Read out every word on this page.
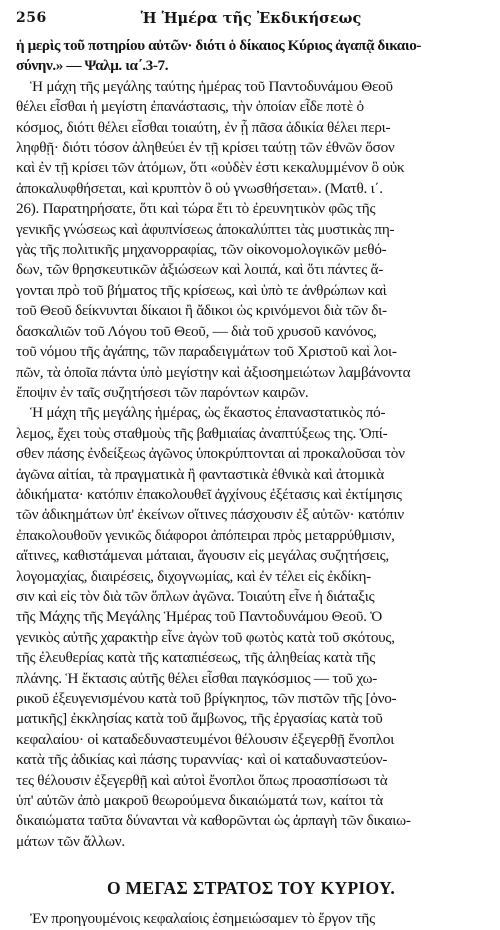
256	Ἡ Ἡμέρα τῆς Ἐκδικήσεως
ἡ μερὶς τοῦ ποτηρίου αὐτῶν· διότι ὁ δίκαιος Κύριος ἀγαπᾷ δικαιο-
σύνην.» — Ψαλμ. ια΄.3-7.
Ἡ μάχη τῆς μεγάλης ταύτης ἡμέρας τοῦ Παντοδυνάμου Θεοῦ
θέλει εἶσθαι ἡ μεγίστη ἐπανάστασις, τὴν ὁποίαν εἶδε ποτὲ ὁ
κόσμος, διότι θέλει εἶσθαι τοιαύτη, ἐν ᾗ πᾶσα ἀδικία θέλει περι-
ληφθῇ· διότι τόσον ἀληθεύει ἐν τῇ κρίσει ταύτῃ τῶν ἐθνῶν ὅσον
καὶ ἐν τῇ κρίσει τῶν ἀτόμων, ὅτι «οὐδὲν ἐστι κεκαλυμμένον ὃ οὐκ
ἀποκαλυφθήσεται, καὶ κρυπτὸν ὃ οὐ γνωσθήσεται». (Ματθ. ι΄.
26). Παρατηρήσατε, ὅτι καὶ τώρα ἔτι τὸ ἐρευνητικὸν φῶς τῆς
γενικῆς γνώσεως καὶ ἀφυπνίσεως ἀποκαλύπτει τὰς μυστικὰς πη-
γὰς τῆς πολιτικῆς μηχανορραφίας, τῶν οἰκονομολογικῶν μεθό-
δων, τῶν θρησκευτικῶν ἀξιώσεων καὶ λοιπά, καὶ ὅτι πάντες ἄ-
γονται πρὸ τοῦ βήματος τῆς κρίσεως, καὶ ὑπὸ τε ἀνθρώπων καὶ
τοῦ Θεοῦ δείκνυνται δίκαιοι ἢ ἄδικοι ὡς κρινόμενοι διὰ τῶν δι-
δασκαλιῶν τοῦ Λόγου τοῦ Θεοῦ, — διὰ τοῦ χρυσοῦ κανόνος,
τοῦ νόμου τῆς ἀγάπης, τῶν παραδειγμάτων τοῦ Χριστοῦ καὶ λοι-
πῶν, τὰ ὁποῖα πάντα ὑπὸ μεγίστην καὶ ἀξιοσημειώτων λαμβάνοντα
ἔποψιν ἐν ταῖς συζητήσεσι τῶν παρόντων καιρῶν.
Ἡ μάχη τῆς μεγάλης ἡμέρας, ὡς ἕκαστος ἐπαναστατικὸς πό-
λεμος, ἔχει τοὺς σταθμοὺς τῆς βαθμιαίας ἀναπτύξεως της. Ὁπί-
σθεν πάσης ἐνδείξεως ἀγῶνος ὑποκρύπτονται αἱ προκαλοῦσαι τὸν
ἀγῶνα αἰτίαι, τὰ πραγματικὰ ἢ φανταστικὰ ἐθνικὰ καὶ ἀτομικὰ
ἀδικήματα· κατόπιν ἐπακολουθεῖ ἀγχίνους ἐξέτασις καὶ ἐκτίμησις
τῶν ἀδικημάτων ὑπ' ἐκείνων οἵτινες πάσχουσιν ἐξ αὐτῶν· κατόπιν
ἐπακολουθοῦν γενικῶς διάφοροι ἀπόπειραι πρὸς μεταρρύθμισιν,
αἵτινες, καθιστάμεναι μάταιαι, ἄγουσιν εἰς μεγάλας συζητήσεις,
λογομαχίας, διαιρέσεις, διχογνωμίας, καὶ ἐν τέλει εἰς ἐκδίκη-
σιν καὶ εἰς τὸν διὰ τῶν ὅπλων ἀγῶνα. Τοιαύτη εἶνε ἡ διάταξις
τῆς Μάχης τῆς Μεγάλης Ἡμέρας τοῦ Παντοδυνάμου Θεοῦ. Ὁ
γενικὸς αὐτῆς χαρακτὴρ εἶνε ἀγὼν τοῦ φωτὸς κατὰ τοῦ σκότους,
τῆς ἐλευθερίας κατὰ τῆς καταπιέσεως, τῆς ἀληθείας κατὰ τῆς
πλάνης. Ἡ ἔκτασις αὐτῆς θέλει εἶσθαι παγκόσμιος — τοῦ χω-
ρικοῦ ἐξευγενισμένου κατὰ τοῦ βρίγκηπος, τῶν πιστῶν τῆς [ὀνο-
ματικῆς] ἐκκλησίας κατὰ τοῦ ἄμβωνος, τῆς ἐργασίας κατὰ τοῦ
κεφαλαίου· οἱ καταδεδυναστευμένοι θέλουσιν ἐξεγερθῇ ἔνοπλοι
κατὰ τῆς ἀδικίας καὶ πάσης τυραννίας· καὶ οἱ καταδυναστεύον-
τες θέλουσιν ἐξεγερθῇ καὶ αὐτοὶ ἔνοπλοι ὅπως προασπίσωσι τὰ
ὑπ' αὐτῶν ἀπὸ μακροῦ θεωρούμενα δικαιώματά των, καίτοι τὰ
δικαιώματα ταῦτα δύνανται νὰ καθορῶνται ὡς ἁρπαγὴ τῶν δικαιω-
μάτων τῶν ἄλλων.
Ο ΜΕΓΑΣ ΣΤΡΑΤΟΣ ΤΟΥ ΚΥΡΙΟΥ.
Ἐν προηγουμένοις κεφαλαίοις ἐσημειώσαμεν τὸ ἔργον τῆς
